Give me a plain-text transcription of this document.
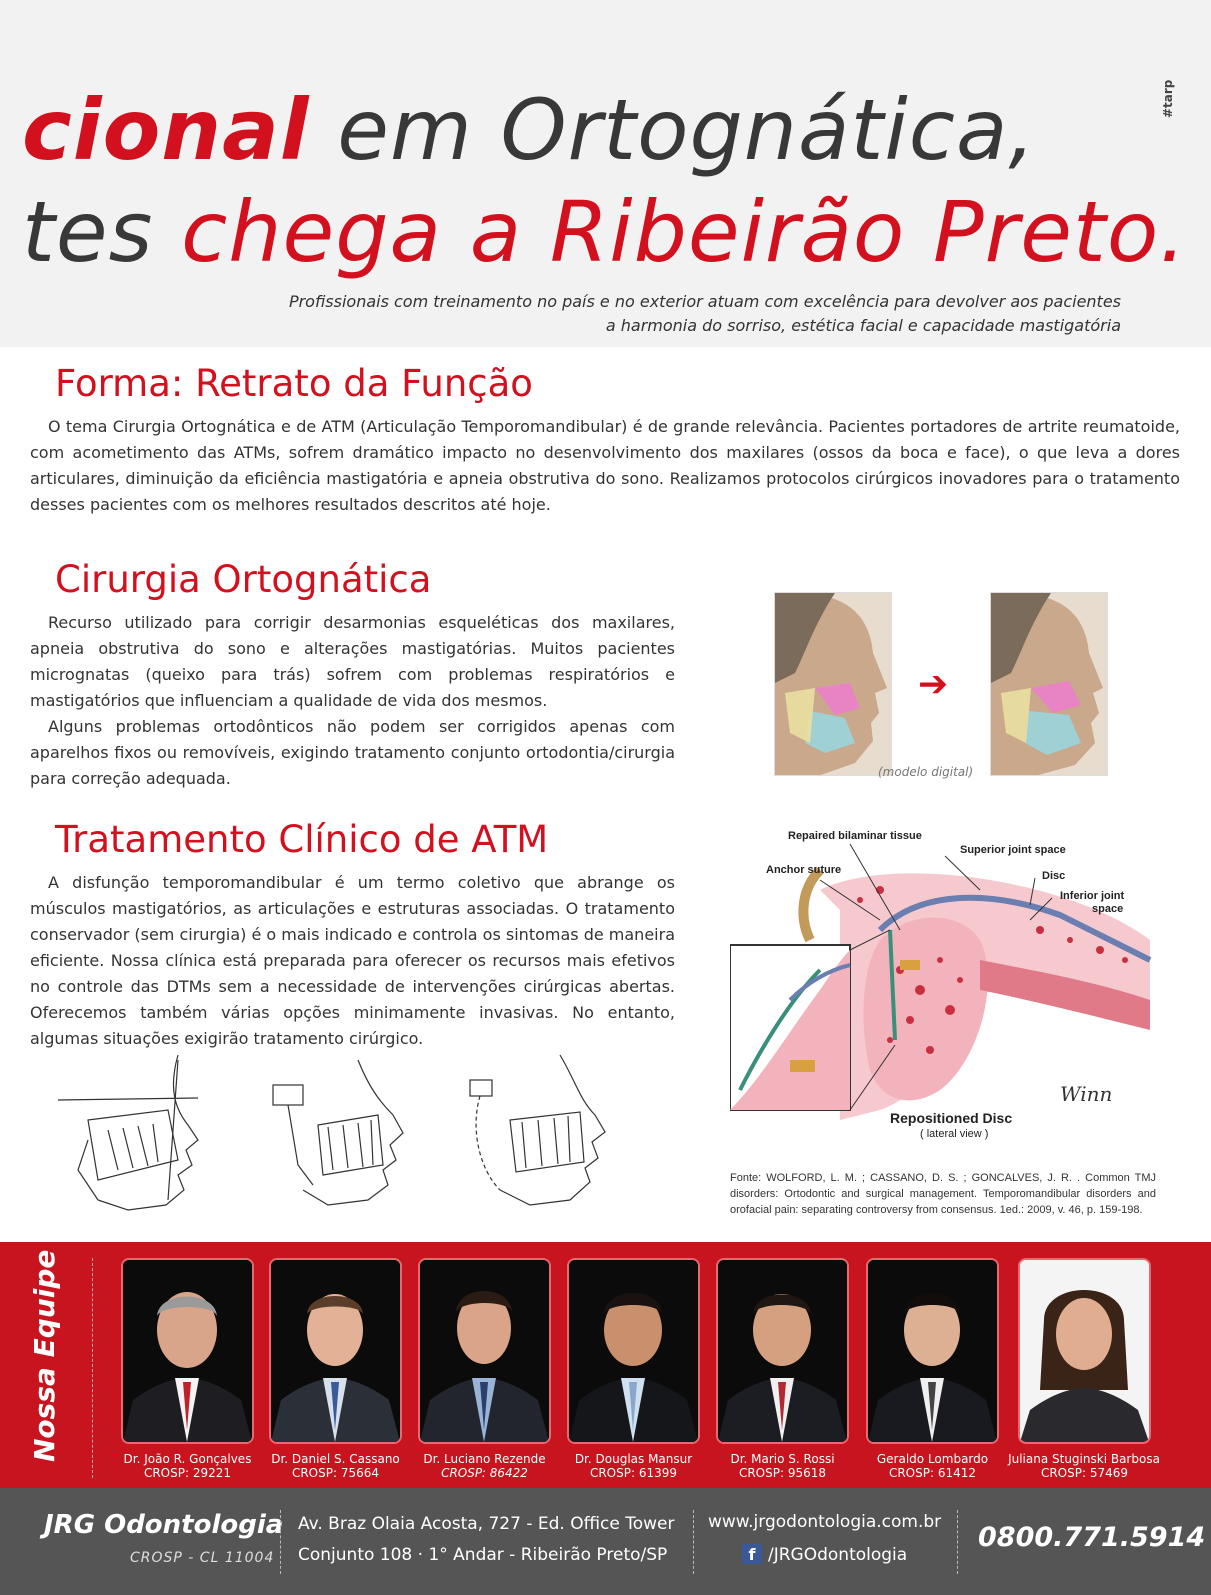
cional em Ortognática,
tes chega a Ribeirão Preto.
#tarp
Profissionais com treinamento no país e no exterior atuam com excelência para devolver aos pacientes
a harmonia do sorriso, estética facial e capacidade mastigatória
Forma: Retrato da Função
O tema Cirurgia Ortognática e de ATM (Articulação Temporomandibular) é de grande relevância. Pacientes portadores de artrite reumatoide, com acometimento das ATMs, sofrem dramático impacto no desenvolvimento dos maxilares (ossos da boca e face), o que leva a dores articulares, diminuição da eficiência mastigatória e apneia obstrutiva do sono. Realizamos protocolos cirúrgicos inovadores para o tratamento desses pacientes com os melhores resultados descritos até hoje.
Cirurgia Ortognática
Recurso utilizado para corrigir desarmonias esqueléticas dos maxilares, apneia obstrutiva do sono e alterações mastigatórias. Muitos pacientes micrognatas (queixo para trás) sofrem com problemas respiratórios e mastigatórios que influenciam a qualidade de vida dos mesmos.
Alguns problemas ortodônticos não podem ser corrigidos apenas com aparelhos fixos ou removíveis, exigindo tratamento conjunto ortodontia/cirurgia para correção adequada.
➔
(modelo digital)
Tratamento Clínico de ATM
A disfunção temporomandibular é um termo coletivo que abrange os músculos mastigatórios, as articulações e estruturas associadas. O tratamento conservador (sem cirurgia) é o mais indicado e controla os sintomas de maneira eficiente. Nossa clínica está preparada para oferecer os recursos mais efetivos no controle das DTMs sem a necessidade de intervenções cirúrgicas abertas. Oferecemos também várias opções minimamente invasivas. No entanto, algumas situações exigirão tratamento cirúrgico.
Repaired bilaminar tissue
Superior joint space
Anchor suture	Disc
Inferior joint
space
Repositioned Disc
( lateral view )
Winn
Fonte: WOLFORD, L. M. ; CASSANO, D. S. ; GONCALVES, J. R. . Common TMJ disorders: Ortodontic and surgical management. Temporomandibular disorders and orofacial pain: separating controversy from consensus. 1ed.: 2009, v. 46, p. 159-198.
Nossa Equipe	Dr. João R. Gonçalves
CROSP: 29221
Dr. Daniel S. Cassano
CROSP: 75664
Dr. Luciano Rezende
CROSP: 86422
Dr. Douglas Mansur
CROSP: 61399
Dr. Mario S. Rossi
CROSP: 95618
Geraldo Lombardo
CROSP: 61412
Juliana Stuginski Barbosa
CROSP: 57469
JRG Odontologia
CROSP - CL 11004
Av. Braz Olaia Acosta, 727 - Ed. Office Tower
Conjunto 108 · 1° Andar - Ribeirão Preto/SP
www.jrgodontologia.com.br
f /JRGOdontologia
0800.771.5914
